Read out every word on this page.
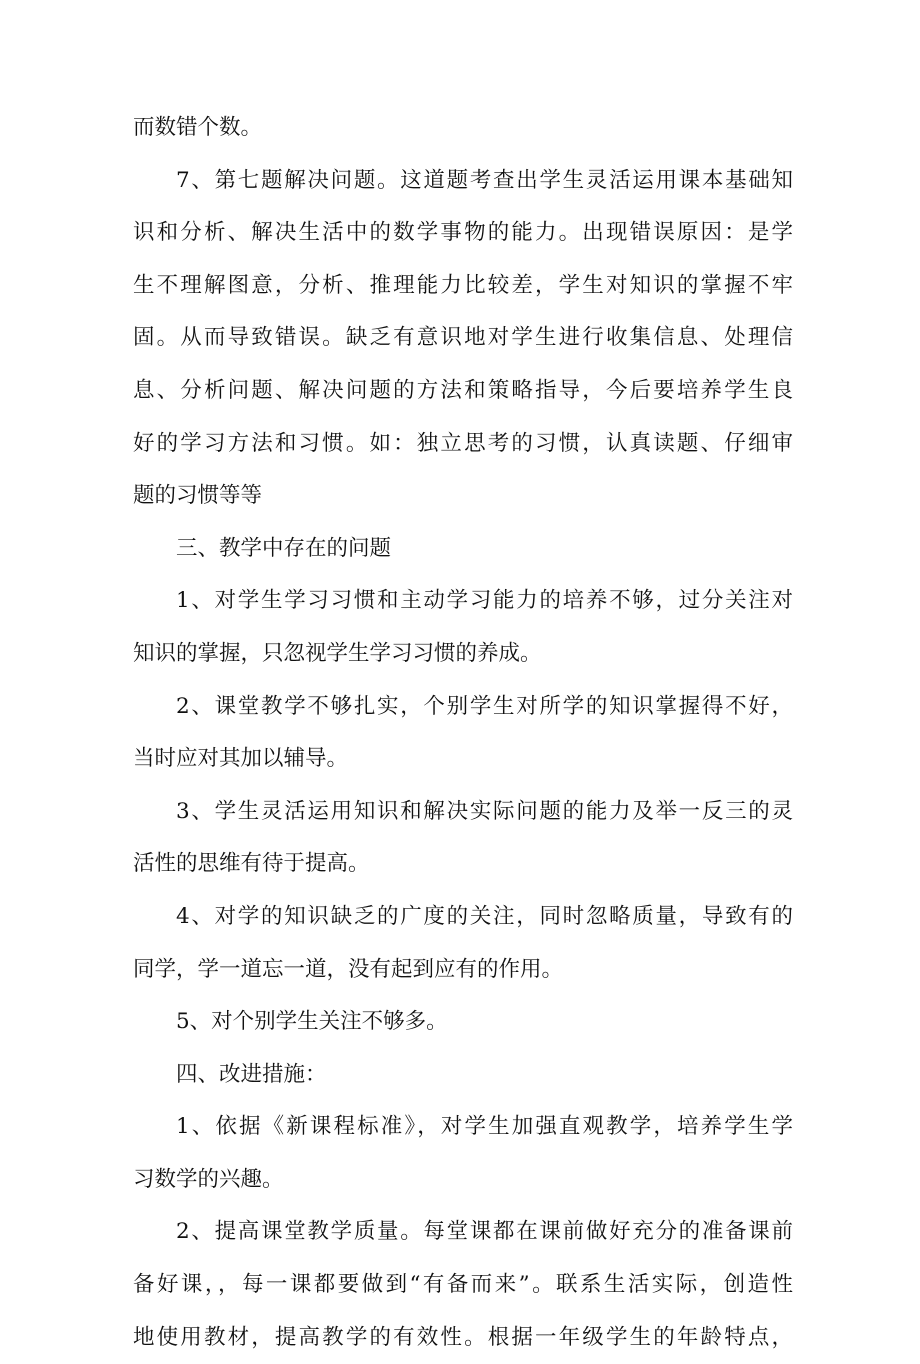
而数错个数。
7、第七题解决问题。这道题考查出学生灵活运用课本基础知
识和分析、解决生活中的数学事物的能力。出现错误原因：是学
生不理解图意，分析、推理能力比较差，学生对知识的掌握不牢
固。从而导致错误。缺乏有意识地对学生进行收集信息、处理信
息、分析问题、解决问题的方法和策略指导，今后要培养学生良
好的学习方法和习惯。如：独立思考的习惯，认真读题、仔细审
题的习惯等等
三、教学中存在的问题
1、对学生学习习惯和主动学习能力的培养不够，过分关注对
知识的掌握，只忽视学生学习习惯的养成。
2、课堂教学不够扎实，个别学生对所学的知识掌握得不好，
当时应对其加以辅导。
3、学生灵活运用知识和解决实际问题的能力及举一反三的灵
活性的思维有待于提高。
4、对学的知识缺乏的广度的关注，同时忽略质量，导致有的
同学，学一道忘一道，没有起到应有的作用。
5、对个别学生关注不够多。
四、改进措施：
1、依据《新课程标准》，对学生加强直观教学，培养学生学
习数学的兴趣。
2、提高课堂教学质量。每堂课都在课前做好充分的准备课前
备好课，，每一课都要做到“有备而来”。联系生活实际，创造性
地使用教材，提高教学的有效性。根据一年级学生的年龄特点，
